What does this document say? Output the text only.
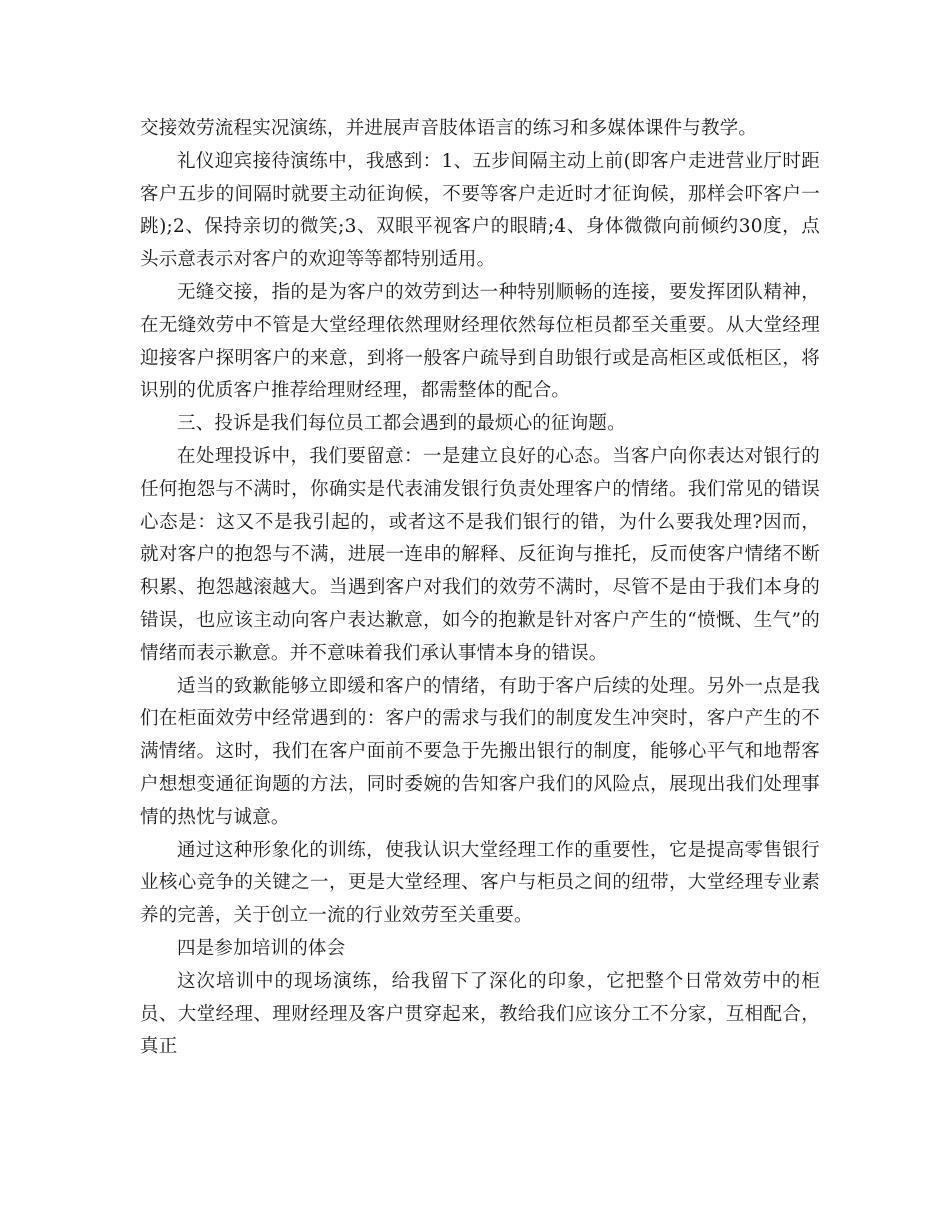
交接效劳流程实况演练，并进展声音肢体语言的练习和多媒体课件与教学。

礼仪迎宾接待演练中，我感到：1、五步间隔主动上前(即客户走进营业厅时距客户五步的间隔时就要主动征询候，不要等客户走近时才征询候，那样会吓客户一跳);2、保持亲切的微笑;3、双眼平视客户的眼睛;4、身体微微向前倾约30度，点头示意表示对客户的欢迎等等都特别适用。

无缝交接，指的是为客户的效劳到达一种特别顺畅的连接，要发挥团队精神，在无缝效劳中不管是大堂经理依然理财经理依然每位柜员都至关重要。从大堂经理迎接客户探明客户的来意，到将一般客户疏导到自助银行或是高柜区或低柜区，将识别的优质客户推荐给理财经理，都需整体的配合。

三、投诉是我们每位员工都会遇到的最烦心的征询题。

在处理投诉中，我们要留意：一是建立良好的心态。当客户向你表达对银行的任何抱怨与不满时，你确实是代表浦发银行负责处理客户的情绪。我们常见的错误心态是：这又不是我引起的，或者这不是我们银行的错，为什么要我处理?因而，就对客户的抱怨与不满，进展一连串的解释、反征询与推托，反而使客户情绪不断积累、抱怨越滚越大。当遇到客户对我们的效劳不满时，尽管不是由于我们本身的错误，也应该主动向客户表达歉意，如今的抱歉是针对客户产生的“愤慨、生气”的情绪而表示歉意。并不意味着我们承认事情本身的错误。

适当的致歉能够立即缓和客户的情绪，有助于客户后续的处理。另外一点是我们在柜面效劳中经常遇到的：客户的需求与我们的制度发生冲突时，客户产生的不满情绪。这时，我们在客户面前不要急于先搬出银行的制度，能够心平气和地帮客户想想变通征询题的方法，同时委婉的告知客户我们的风险点，展现出我们处理事情的热忱与诚意。

通过这种形象化的训练，使我认识大堂经理工作的重要性，它是提高零售银行业核心竞争的关键之一，更是大堂经理、客户与柜员之间的纽带，大堂经理专业素养的完善，关于创立一流的行业效劳至关重要。

四是参加培训的体会

这次培训中的现场演练，给我留下了深化的印象，它把整个日常效劳中的柜员、大堂经理、理财经理及客户贯穿起来，教给我们应该分工不分家，互相配合，真正
